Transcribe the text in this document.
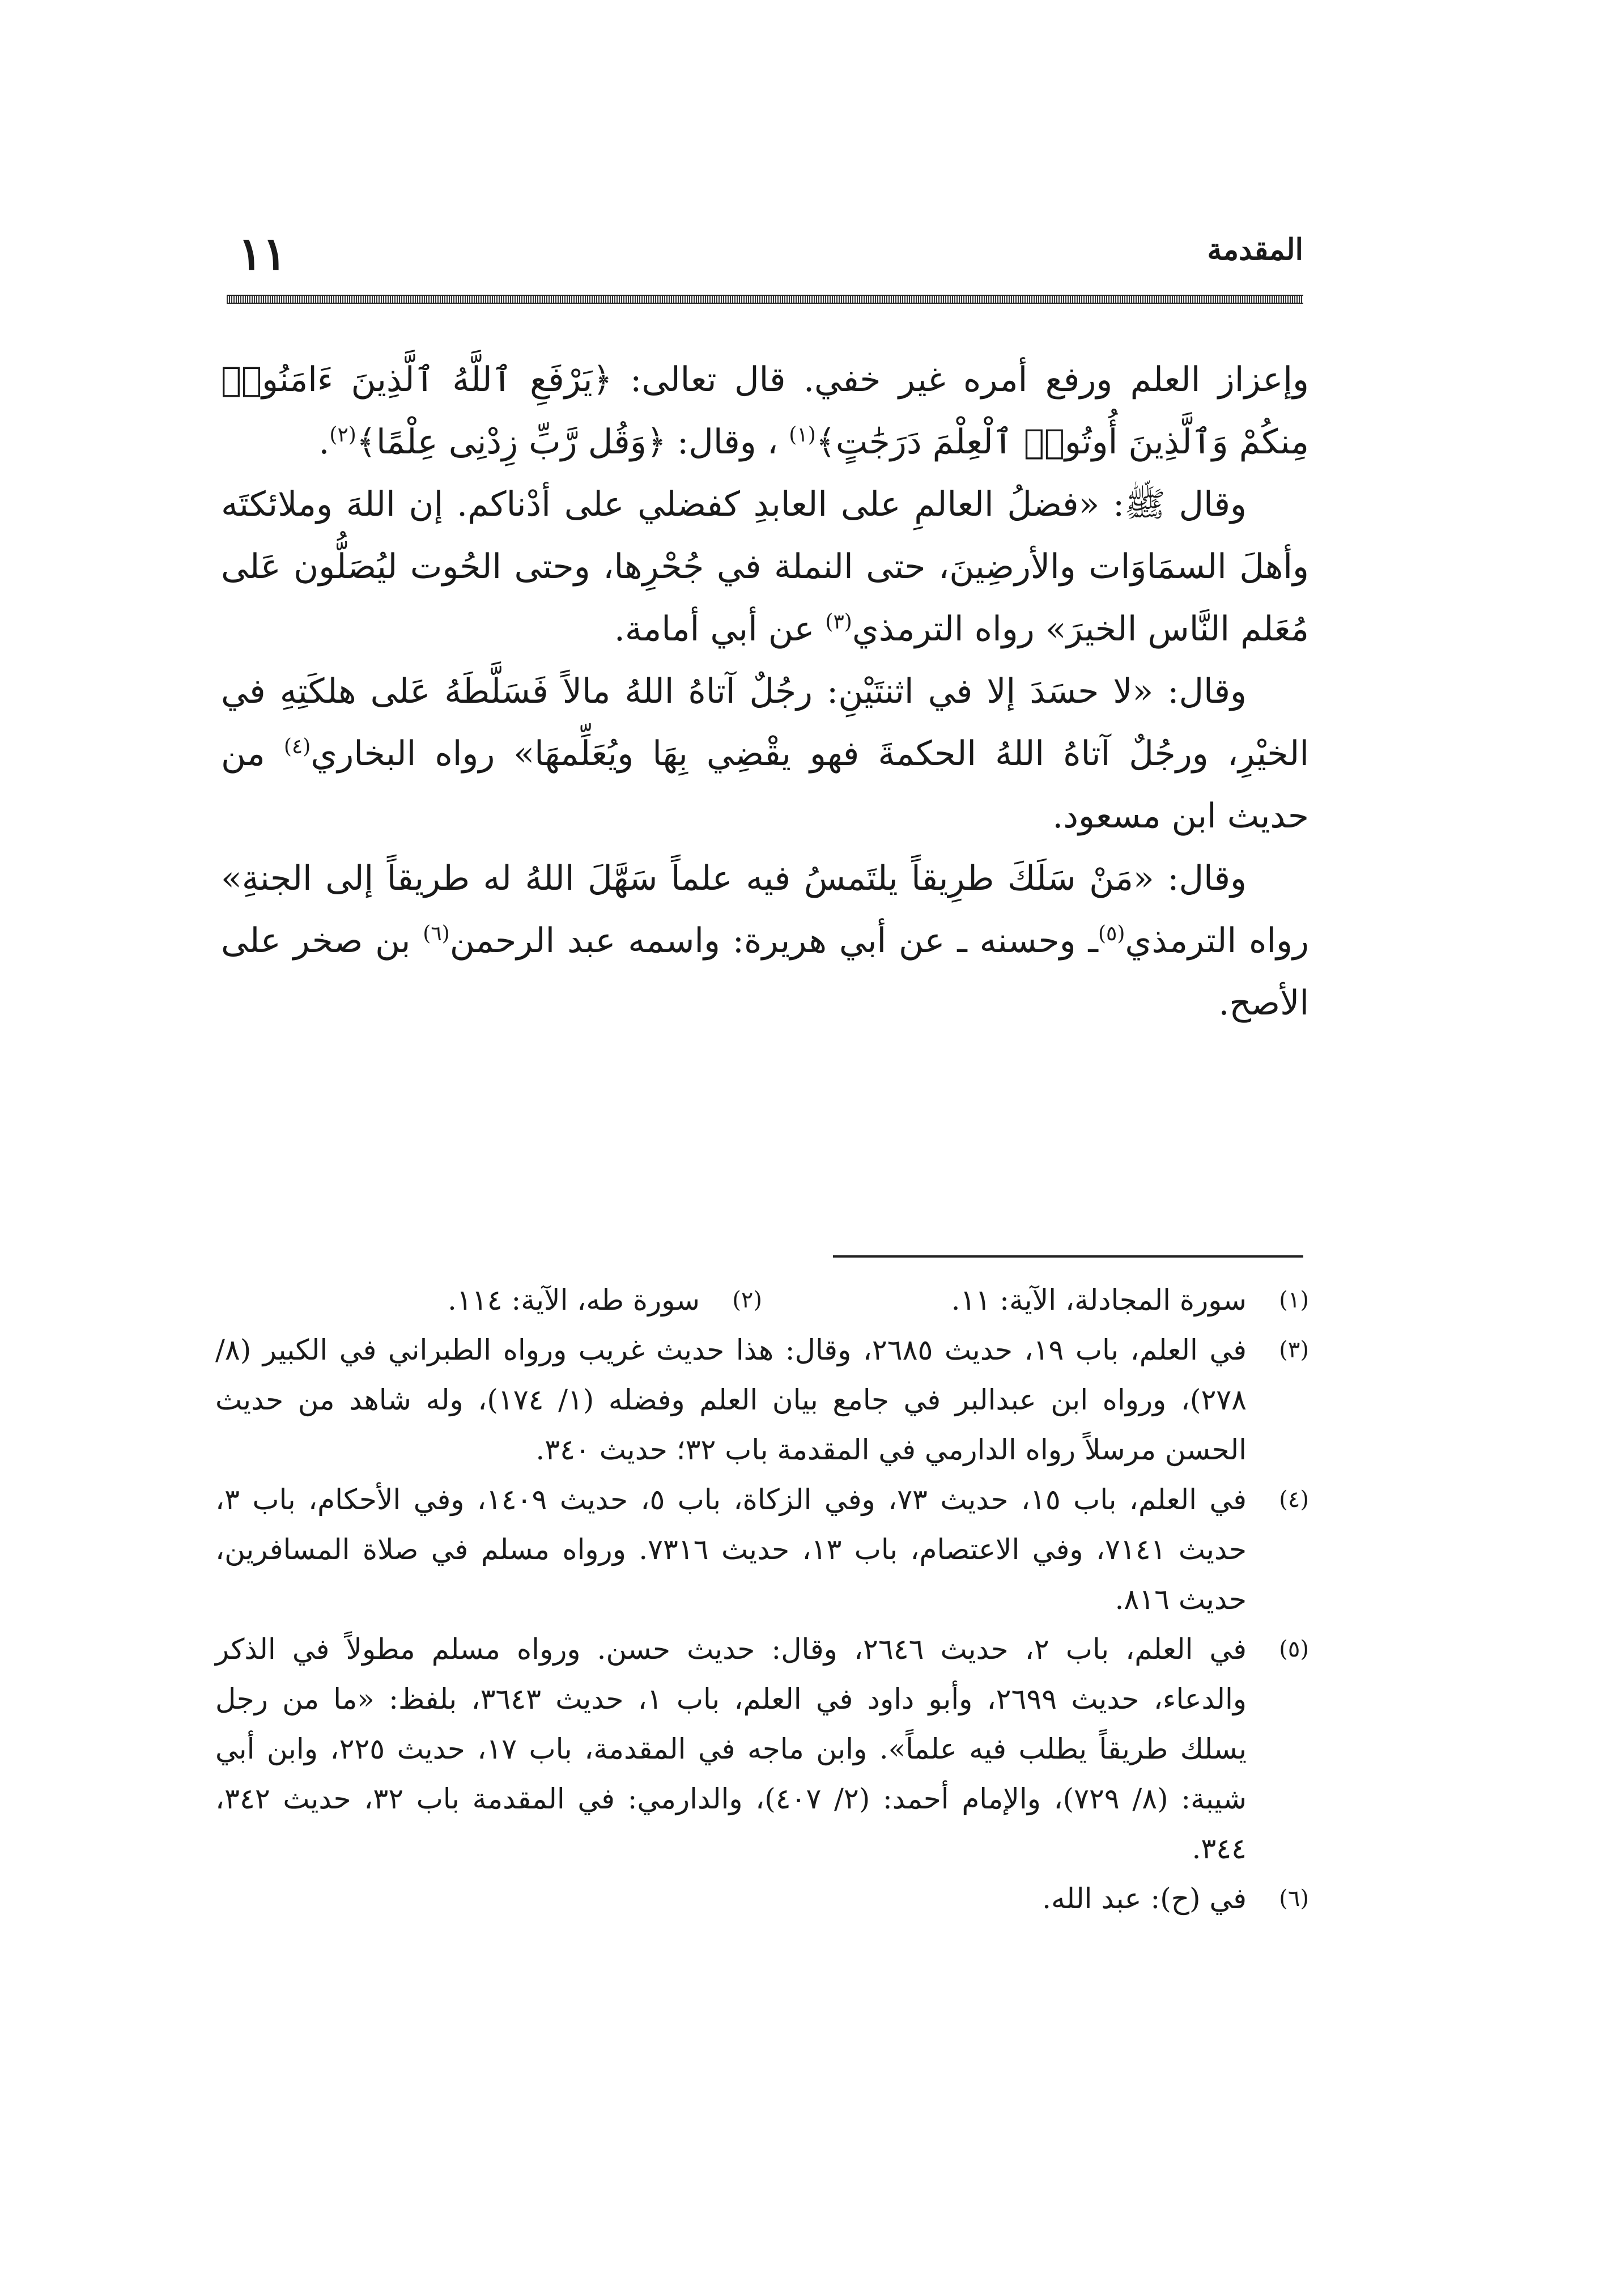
المقدمة
١١

وإعزاز العلم ورفع أمره غير خفي. قال تعالى: ﴿يَرْفَعِ ٱللَّهُ ٱلَّذِينَ ءَامَنُوا۟ مِنكُمْ وَٱلَّذِينَ أُوتُوا۟ ٱلْعِلْمَ دَرَجَٰتٍ﴾$^{(١)}$ ، وقال: ﴿وَقُل رَّبِّ زِدْنِى عِلْمًا﴾$^{(٢)}$.

وقال ﷺ: «فضلُ العالمِ على العابدِ كفضلي على أدْناكم. إن اللهَ وملائكتَه وأهلَ السمَاوَات والأرضِينَ، حتى النملة في جُحْرِها، وحتى الحُوت ليُصَلُّون عَلى مُعَلم النَّاس الخيرَ» رواه الترمذي$^{(٣)}$ عن أبي أمامة.

وقال: «لا حسَدَ إلا في اثنتَيْنِ: رجُلٌ آتاهُ اللهُ مالاً فَسَلَّطَهُ عَلى هلكَتِهِ في الخيْرِ، ورجُلٌ آتاهُ اللهُ الحكمةَ فهو يقْضِي بِهَا ويُعَلِّمهَا» رواه البخاري$^{(٤)}$ من حديث ابن مسعود.

وقال: «مَنْ سَلَكَ طرِيقاً يلتَمسُ فيه علماً سَهَّلَ اللهُ له طريقاً إلى الجنةِ» رواه الترمذي$^{(٥)}$ـ وحسنه ـ عن أبي هريرة: واسمه عبد الرحمن$^{(٦)}$ بن صخر على الأصح.

(١)
سورة المجادلة، الآية: ١١.
(٢)
سورة طه، الآية: ١١٤.
(٣)
في العلم، باب ١٩، حديث ٢٦٨٥، وقال: هذا حديث غريب ورواه الطبراني في الكبير (٨/ ٢٧٨)، ورواه ابن عبدالبر في جامع بيان العلم وفضله (١/ ١٧٤)، وله شاهد من حديث الحسن مرسلاً رواه الدارمي في المقدمة باب ٣٢؛ حديث ٣٤٠.
(٤)
في العلم، باب ١٥، حديث ٧٣، وفي الزكاة، باب ٥، حديث ١٤٠٩، وفي الأحكام، باب ٣، حديث ٧١٤١، وفي الاعتصام، باب ١٣، حديث ٧٣١٦. ورواه مسلم في صلاة المسافرين، حديث ٨١٦.
(٥)
في العلم، باب ٢، حديث ٢٦٤٦، وقال: حديث حسن. ورواه مسلم مطولاً في الذكر والدعاء، حديث ٢٦٩٩، وأبو داود في العلم، باب ١، حديث ٣٦٤٣، بلفظ: «ما من رجل يسلك طريقاً يطلب فيه علماً». وابن ماجه في المقدمة، باب ١٧، حديث ٢٢٥، وابن أبي شيبة: (٨/ ٧٢٩)، والإمام أحمد: (٢/ ٤٠٧)، والدارمي: في المقدمة باب ٣٢، حديث ٣٤٢، ٣٤٤.
(٦)
في (ح): عبد الله.
